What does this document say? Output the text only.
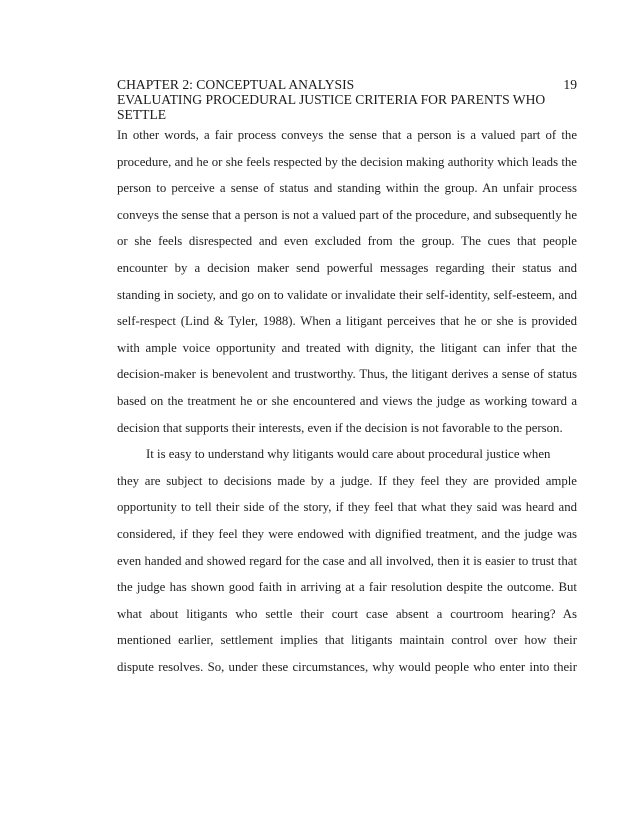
CHAPTER 2: CONCEPTUAL ANALYSIS	19
EVALUATING PROCEDURAL JUSTICE CRITERIA FOR PARENTS WHO SETTLE
In other words, a fair process conveys the sense that a person is a valued part of the
procedure, and he or she feels respected by the decision making authority which leads the
person to perceive a sense of status and standing within the group. An unfair process
conveys the sense that a person is not a valued part of the procedure, and subsequently he
or she feels disrespected and even excluded from the group. The cues that people
encounter by a decision maker send powerful messages regarding their status and
standing in society, and go on to validate or invalidate their self-identity, self-esteem, and
self-respect (Lind & Tyler, 1988). When a litigant perceives that he or she is provided
with ample voice opportunity and treated with dignity, the litigant can infer that the
decision-maker is benevolent and trustworthy. Thus, the litigant derives a sense of status
based on the treatment he or she encountered and views the judge as working toward a
decision that supports their interests, even if the decision is not favorable to the person.
It is easy to understand why litigants would care about procedural justice when
they are subject to decisions made by a judge. If they feel they are provided ample
opportunity to tell their side of the story, if they feel that what they said was heard and
considered, if they feel they were endowed with dignified treatment, and the judge was
even handed and showed regard for the case and all involved, then it is easier to trust that
the judge has shown good faith in arriving at a fair resolution despite the outcome. But
what about litigants who settle their court case absent a courtroom hearing? As
mentioned earlier, settlement implies that litigants maintain control over how their
dispute resolves. So, under these circumstances, why would people who enter into their
